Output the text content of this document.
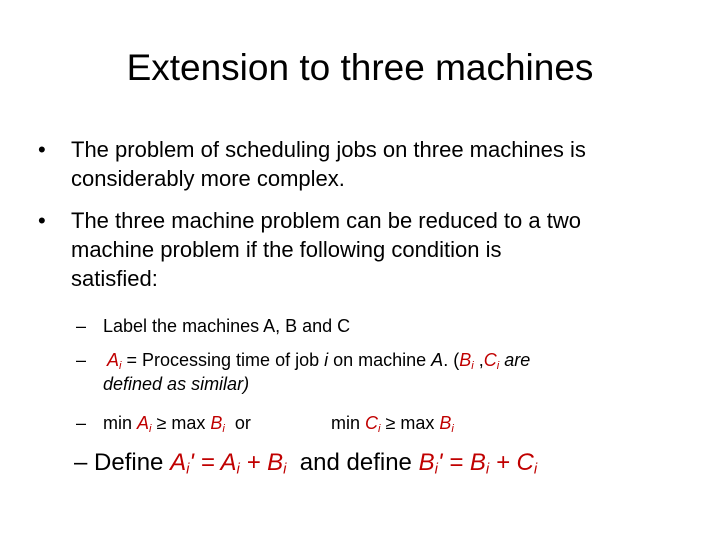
Extension to three machines
•	The problem of scheduling jobs on three machines is
considerably more complex.
•	The three machine problem can be reduced to a two
machine problem if the following condition is
satisfied:
– Label the machines A, B and C
– $A_i$ = Processing time of job i on machine A. ($B_i$ $,C_i$ are
defined as similar)
– $\min A_i \ge \max B_i$  or	$\min C_i \ge \max B_i$
– Define $A_i' = A_i + B_i$  and define $B_i' = B_i + C_i$
